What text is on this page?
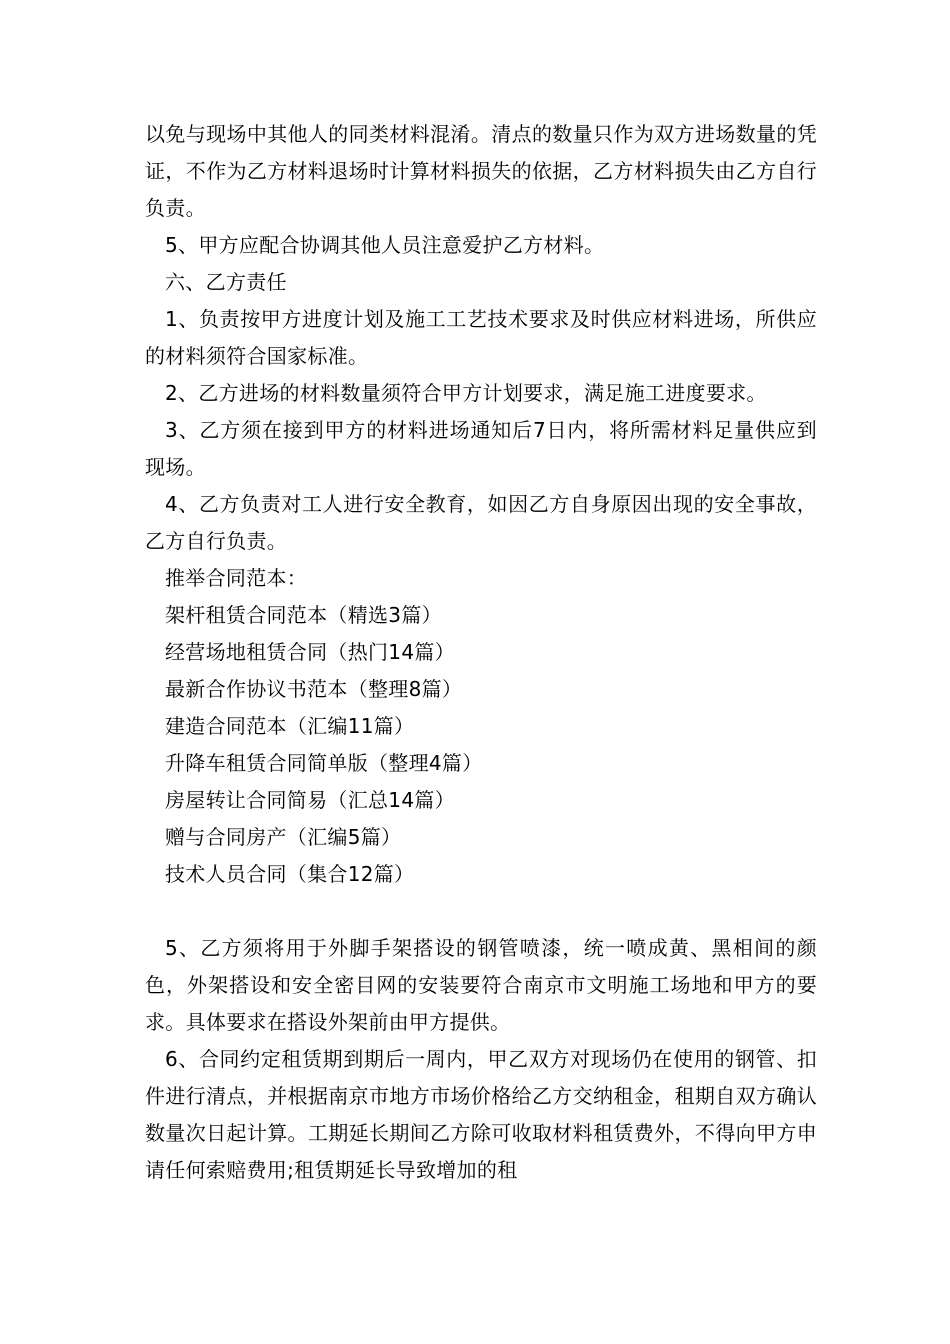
以免与现场中其他人的同类材料混淆。清点的数量只作为双方进场数量的凭证，不作为乙方材料退场时计算材料损失的依据，乙方材料损失由乙方自行负责。

5、甲方应配合协调其他人员注意爱护乙方材料。

六、乙方责任

1、负责按甲方进度计划及施工工艺技术要求及时供应材料进场，所供应的材料须符合国家标准。

2、乙方进场的材料数量须符合甲方计划要求，满足施工进度要求。

3、乙方须在接到甲方的材料进场通知后7日内，将所需材料足量供应到现场。

4、乙方负责对工人进行安全教育，如因乙方自身原因出现的安全事故，乙方自行负责。

推举合同范本：

架杆租赁合同范本（精选3篇）

经营场地租赁合同（热门14篇）

最新合作协议书范本（整理8篇）

建造合同范本（汇编11篇）

升降车租赁合同简单版（整理4篇）

房屋转让合同简易（汇总14篇）

赠与合同房产（汇编5篇）

技术人员合同（集合12篇）

5、乙方须将用于外脚手架搭设的钢管喷漆，统一喷成黄、黑相间的颜色，外架搭设和安全密目网的安装要符合南京市文明施工场地和甲方的要求。具体要求在搭设外架前由甲方提供。

6、合同约定租赁期到期后一周内，甲乙双方对现场仍在使用的钢管、扣件进行清点，并根据南京市地方市场价格给乙方交纳租金，租期自双方确认数量次日起计算。工期延长期间乙方除可收取材料租赁费外，不得向甲方申请任何索赔费用;租赁期延长导致增加的租
